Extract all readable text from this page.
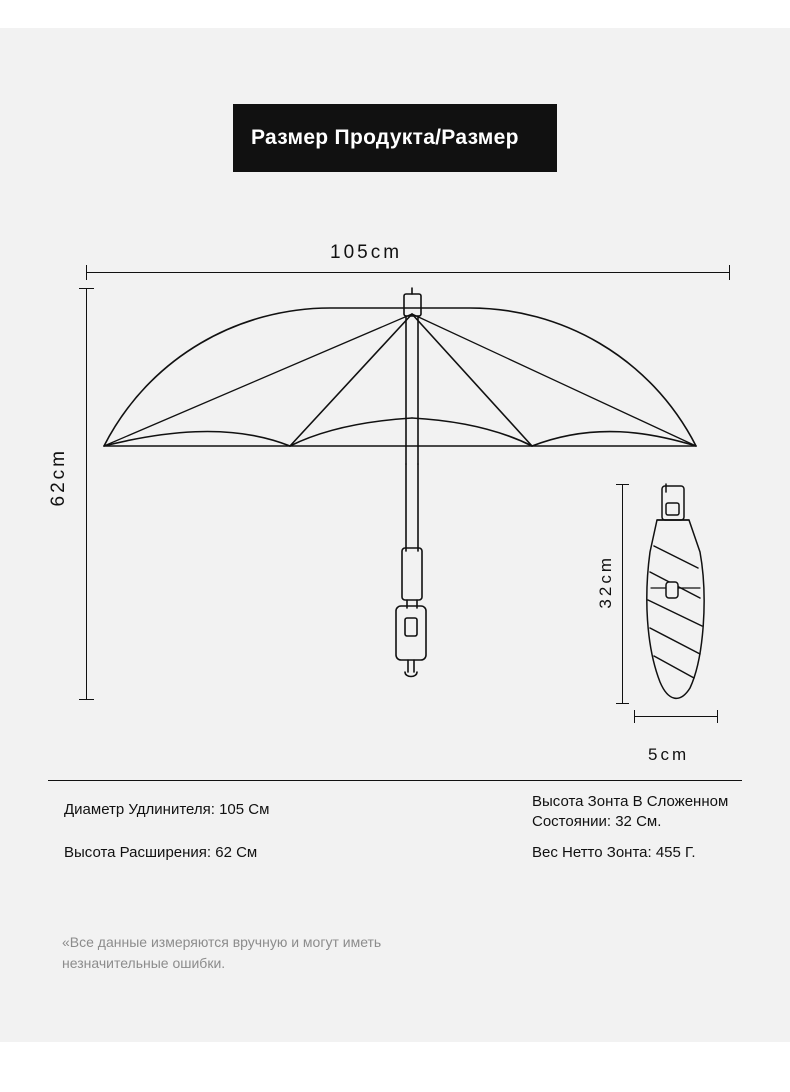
Размер Продукта/Размер
105cm
62cm
32cm
5cm
Диаметр Удлинителя: 105 См
Высота Расширения: 62 См
Высота Зонта В Сложенном Состоянии: 32 См.
Вес Нетто Зонта: 455 Г.
«Все данные измеряются вручную и могут иметь незначительные ошибки.
